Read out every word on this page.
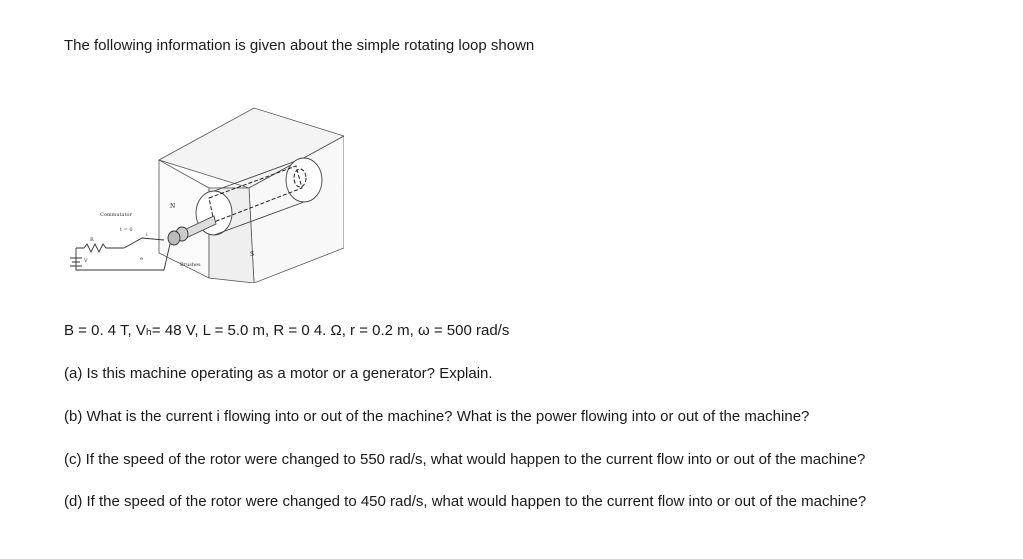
The following information is given about the simple rotating loop shown
Commutator
Brushes
N
S
t = 0
R
V
i
e
B = 0. 4 T, Vₕ= 48 V, L = 5.0 m, R = 0 4. Ω, r = 0.2 m, ω = 500 rad/s
(a) Is this machine operating as a motor or a generator? Explain.
(b) What is the current i flowing into or out of the machine? What is the power flowing into or out of the machine?
(c) If the speed of the rotor were changed to 550 rad/s, what would happen to the current flow into or out of the machine?
(d) If the speed of the rotor were changed to 450 rad/s, what would happen to the current flow into or out of the machine?
